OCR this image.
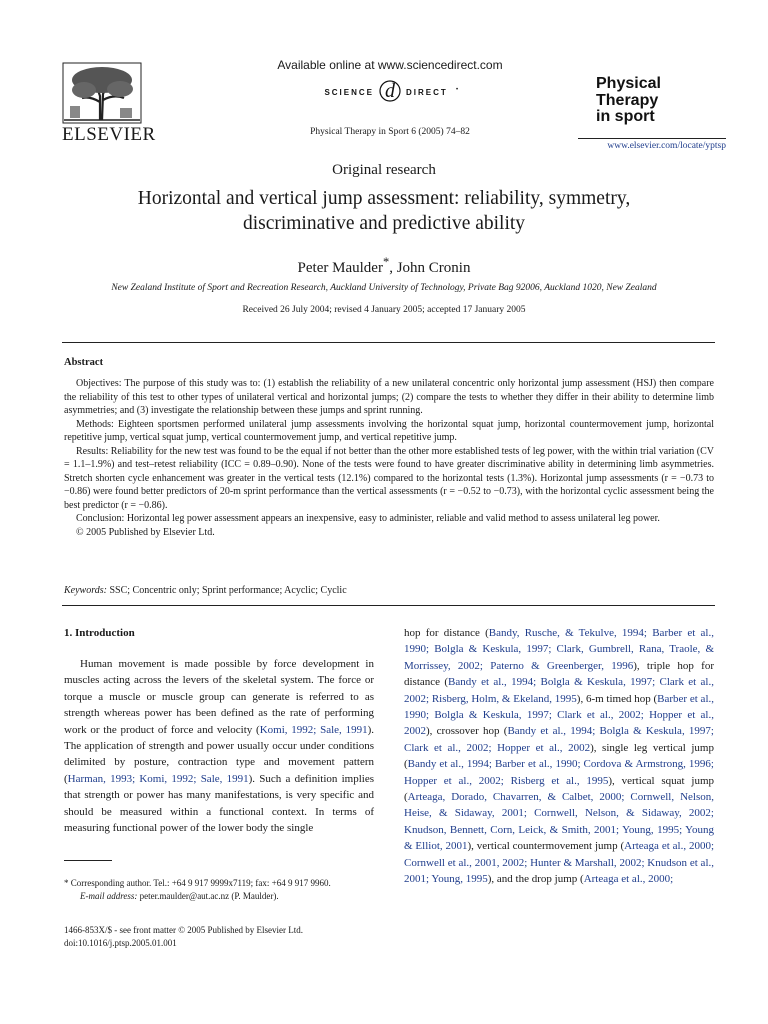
ELSEVIER
Available online at www.sciencedirect.com
SCIENCE d DIRECT •
Physical Therapy in Sport 6 (2005) 74–82
Physical
Therapy
in sport
www.elsevier.com/locate/yptsp
Original research
Horizontal and vertical jump assessment: reliability, symmetry, discriminative and predictive ability
Peter Maulder*, John Cronin
New Zealand Institute of Sport and Recreation Research, Auckland University of Technology, Private Bag 92006, Auckland 1020, New Zealand
Received 26 July 2004; revised 4 January 2005; accepted 17 January 2005
Abstract

Objectives: The purpose of this study was to: (1) establish the reliability of a new unilateral concentric only horizontal jump assessment (HSJ) then compare the reliability of this test to other types of unilateral vertical and horizontal jumps; (2) compare the tests to whether they differ in their ability to determine limb asymmetries; and (3) investigate the relationship between these jumps and sprint running.

Methods: Eighteen sportsmen performed unilateral jump assessments involving the horizontal squat jump, horizontal countermovement jump, horizontal repetitive jump, vertical squat jump, vertical countermovement jump, and vertical repetitive jump.

Results: Reliability for the new test was found to be the equal if not better than the other more established tests of leg power, with the within trial variation (CV = 1.1–1.9%) and test–retest reliability (ICC = 0.89–0.90). None of the tests were found to have greater discriminative ability in determining limb asymmetries. Stretch shorten cycle enhancement was greater in the vertical tests (12.1%) compared to the horizontal tests (1.3%). Horizontal jump assessments (r = −0.73 to −0.86) were found better predictors of 20-m sprint performance than the vertical assessments (r = −0.52 to −0.73), with the horizontal cyclic assessment being the best predictor (r = −0.86).

Conclusion: Horizontal leg power assessment appears an inexpensive, easy to administer, reliable and valid method to assess unilateral leg power.

© 2005 Published by Elsevier Ltd.

Keywords: SSC; Concentric only; Sprint performance; Acyclic; Cyclic
1. Introduction

Human movement is made possible by force development in muscles acting across the levers of the skeletal system. The force or torque a muscle or muscle group can generate is referred to as strength whereas power has been defined as the rate of performing work or the product of force and velocity (Komi, 1992; Sale, 1991). The application of strength and power usually occur under conditions delimited by posture, contraction type and movement pattern (Harman, 1993; Komi, 1992; Sale, 1991). Such a definition implies that strength or power has many manifestations, is very specific and should be measured within a functional context. In terms of measuring functional power of the lower body the single

hop for distance (Bandy, Rusche, & Tekulve, 1994; Barber et al., 1990; Bolgla & Keskula, 1997; Clark, Gumbrell, Rana, Traole, & Morrissey, 2002; Paterno & Greenberger, 1996), triple hop for distance (Bandy et al., 1994; Bolgla & Keskula, 1997; Clark et al., 2002; Risberg, Holm, & Ekeland, 1995), 6-m timed hop (Barber et al., 1990; Bolgla & Keskula, 1997; Clark et al., 2002; Hopper et al., 2002), crossover hop (Bandy et al., 1994; Bolgla & Keskula, 1997; Clark et al., 2002; Hopper et al., 2002), single leg vertical jump (Bandy et al., 1994; Barber et al., 1990; Cordova & Armstrong, 1996; Hopper et al., 2002; Risberg et al., 1995), vertical squat jump (Arteaga, Dorado, Chavarren, & Calbet, 2000; Cornwell, Nelson, Heise, & Sidaway, 2001; Cornwell, Nelson, & Sidaway, 2002; Knudson, Bennett, Corn, Leick, & Smith, 2001; Young, 1995; Young & Elliot, 2001), vertical countermovement jump (Arteaga et al., 2000; Cornwell et al., 2001, 2002; Hunter & Marshall, 2002; Knudson et al., 2001; Young, 1995), and the drop jump (Arteaga et al., 2000;

* Corresponding author. Tel.: +64 9 917 9999x7119; fax: +64 9 917 9960.

E-mail address: peter.maulder@aut.ac.nz (P. Maulder).

1466-853X/$ - see front matter © 2005 Published by Elsevier Ltd.

doi:10.1016/j.ptsp.2005.01.001
